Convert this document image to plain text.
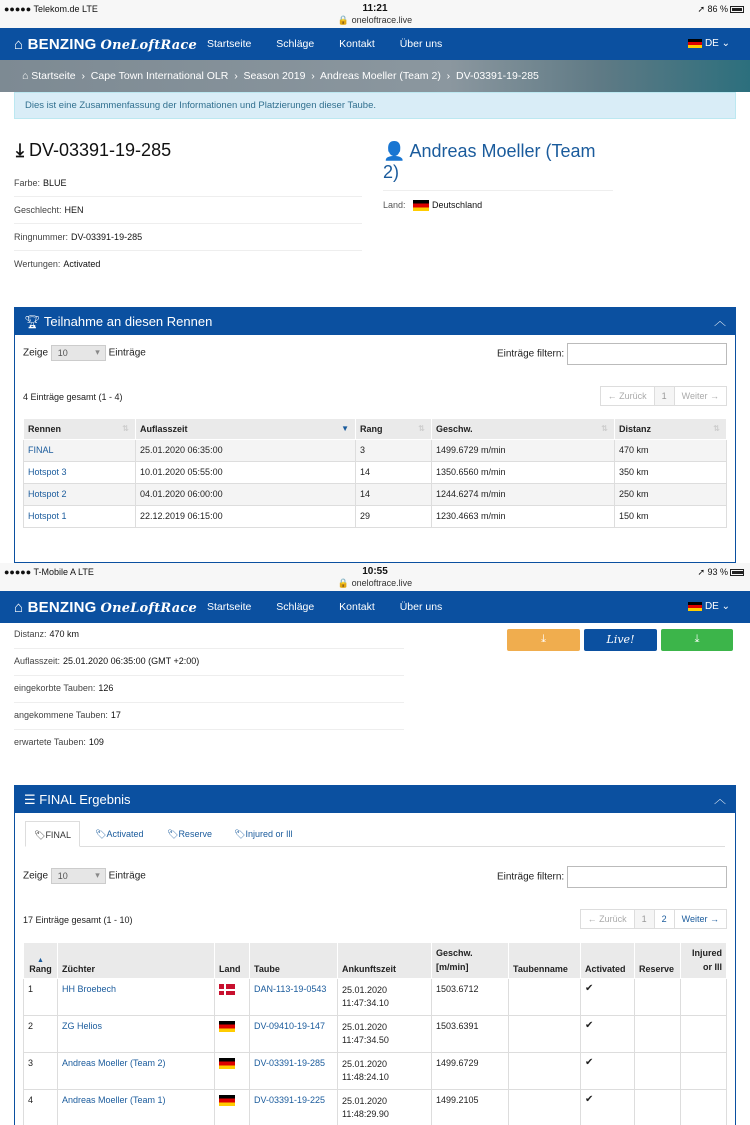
●●●●● Telekom.de LTE	11:21
🔒 oneloftrace.live
➚ 86 %
⌂ BENZING OneLoftRace Startseite Schläge Kontakt Über uns	DE ⌄
⌂ Startseite  ›  Cape Town International OLR  ›  Season 2019  ›  Andreas Moeller (Team 2)  ›  DV-03391-19-285
Dies ist eine Zusammenfassung der Informationen und Platzierungen dieser Taube.
⤓ DV-03391-19-285
Farbe: BLUE
Geschlecht: HEN
Ringnummer: DV-03391-19-285
Wertungen: Activated
👤 Andreas Moeller (Team
2)
Land:	Deutschland
🏆︎ Teilnahme an diesen Rennen	︿
Zeige 10 ▾	Einträge	Einträge filtern:
4 Einträge gesamt (1 - 4)	← Zurück 1 Weiter →
Rennen ⇅	Auflasszeit ▼	Rang ⇅	Geschw. ⇅	Distanz ⇅

FINAL	25.01.2020 06:35:00	3	1499.6729 m/min	470 km
Hotspot 3	10.01.2020 05:55:00	14	1350.6560 m/min	350 km
Hotspot 2	04.01.2020 06:00:00	14	1244.6274 m/min	250 km
Hotspot 1	22.12.2019 06:15:00	29	1230.4663 m/min	150 km
●●●●● T-Mobile A LTE	10:55
🔒 oneloftrace.live
➚ 93 %
⌂ BENZING OneLoftRace Startseite Schläge Kontakt Über uns	DE ⌄
Distanz: 470 km
Auflasszeit: 25.01.2020 06:35:00 (GMT +2:00)
eingekorbte Tauben: 126
angekommene Tauben: 17
erwartete Tauben: 109
⤓	Live!	⤓
☰ FINAL Ergebnis	︿
🏷︎FINAL	🏷︎Activated	🏷︎Reserve 🏷︎Injured or Ill
Zeige 10 ▾	Einträge	Einträge filtern:
17 Einträge gesamt (1 - 10)	← Zurück 1 2 Weiter →
▲
Rang	Züchter	Land	Taube	Ankunftszeit	Geschw.
[m/min]	Taubenname	Activated	Reserve	Injured
or Ill
1	HH Broebech		DAN-113-19-0543	25.01.2020
11:47:34.10	1503.6712		✔		
2	ZG Helios		DV-09410-19-147	25.01.2020
11:47:34.50	1503.6391		✔		
3	Andreas Moeller (Team 2)		DV-03391-19-285	25.01.2020
11:48:24.10	1499.6729		✔		
4	Andreas Moeller (Team 1)		DV-03391-19-225	25.01.2020
11:48:29.90	1499.2105		✔		
